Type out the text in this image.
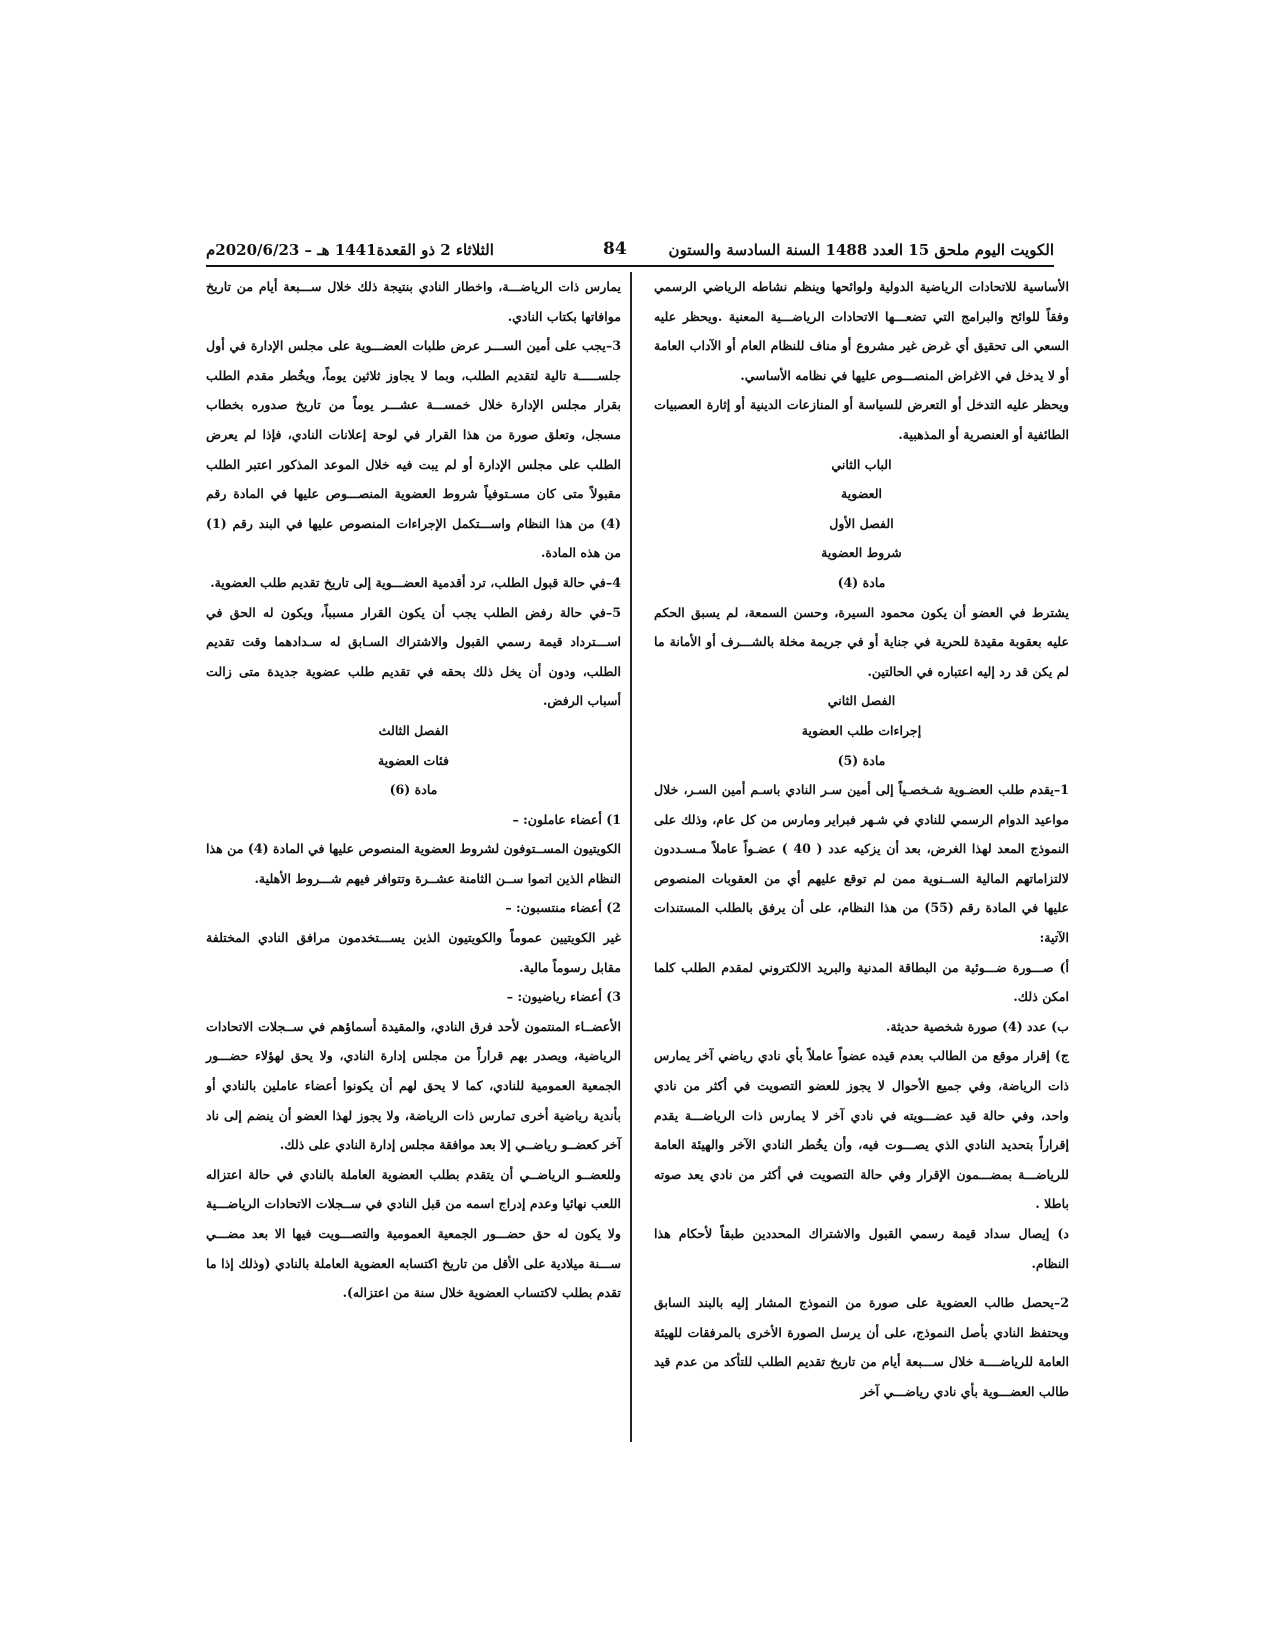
الكويت اليوم ملحق 15 العدد 1488 السنة السادسة والستون
84
الثلاثاء 2 ذو القعدة1441 هـ – 2020/6/23م

الأساسية للاتحادات الرياضية الدولية ولوائحها وينظم نشاطه الرياضي الرسمي وفقاً للوائح والبرامج التي تضعـــها الاتحادات الرياضـــية المعنية .ويحظر عليه السعي الى تحقيق أي غرض غير مشروع أو مناف للنظام العام أو الآداب العامة أو لا يدخل في الاغراض المنصـــوص عليها في نظامه الأساسي.

ويحظر عليه التدخل أو التعرض للسياسة أو المنازعات الدينية أو إثارة العصبيات الطائفية أو العنصرية أو المذهبية.

الباب الثاني

العضوية

الفصل الأول

شروط العضوية

مادة (4)

يشترط في العضو أن يكون محمود السيرة، وحسن السمعة، لم يسبق الحكم عليه بعقوبة مقيدة للحرية في جناية أو في جريمة مخلة بالشـــرف أو الأمانة ما لم يكن قد رد إليه اعتباره في الحالتين.

الفصل الثاني

إجراءات طلب العضوية

مادة (5)

1–يقدم طلب العضـوية شـخصـياً إلى أمين سـر النادي باسـم أمين السـر، خلال مواعيد الدوام الرسمي للنادي في شـهر فبراير ومارس من كل عام، وذلك على النموذج المعد لهذا الغرض، بعد أن يزكيه عدد ( 40 ) عضـواً عاملاً مـسـددون لالتزاماتهم المالية الســنوية ممن لم توقع عليهم أي من العقوبات المنصوص عليها في المادة رقم (55) من هذا النظام، على أن يرفق بالطلب المستندات الآتية:

أ) صـــورة ضـــوئية من البطاقة المدنية والبريد الالكتروني لمقدم الطلب كلما امكن ذلك.

ب) عدد (4) صورة شخصية حديثة.

ج) إقرار موقع من الطالب بعدم قيده عضواً عاملاً بأي نادي رياضي آخر يمارس ذات الرياضة، وفي جميع الأحوال لا يجوز للعضو التصويت في أكثر من نادي واحد، وفي حالة قيد عضـــويته في نادي آخر لا يمارس ذات الرياضـــة يقدم إقراراً بتحديد النادي الذي يصـــوت فيه، وأن يخُطر النادي الآخر والهيئة العامة للرياضـــة بمضـــمون الإقرار وفي حالة التصويت في أكثر من نادي يعد صوته باطلا .

د) إيصال سداد قيمة رسمي القبول والاشتراك المحددين طبقاً لأحكام هذا النظام.

2–يحصل طالب العضوية على صورة من النموذج المشار إليه بالبند السابق ويحتفظ النادي بأصل النموذج، على أن يرسل الصورة الأخرى بالمرفقات للهيئة العامة للرياضــــة خلال ســـبعة أيام من تاريخ تقديم الطلب للتأكد من عدم قيد طالب العضـــوية بأي نادي رياضـــي آخر

يمارس ذات الرياضـــة، واخطار النادي بنتيجة ذلك خلال ســـبعة أيام من تاريخ موافاتها بكتاب النادي.

3–يجب على أمين الســـر عرض طلبات العضـــوية على مجلس الإدارة في أول جلســـــة تالية لتقديم الطلب، وبما لا يجاوز ثلاثين يوماً، ويخُطر مقدم الطلب بقرار مجلس الإدارة خلال خمســـة عشـــر يوماً من تاريخ صدوره بخطاب مسجل، وتعلق صورة من هذا القرار في لوحة إعلانات النادي، فإذا لم يعرض الطلب على مجلس الإدارة أو لم يبت فيه خلال الموعد المذكور اعتبر الطلب مقبولاً متى كان مسـتوفياً شروط العضوية المنصـــوص عليها في المادة رقم (4) من هذا النظام واســـتكمل الإجراءات المنصوص عليها في البند رقم (1) من هذه المادة.

4–في حالة قبول الطلب، ترد أقدمية العضـــوية إلى تاريخ تقديم طلب العضوية.

5–في حالة رفض الطلب يجب أن يكون القرار مسبباً، ويكون له الحق في اســـترداد قيمة رسمي القبول والاشتراك السـابق له سـدادهما وقت تقديم الطلب، ودون أن يخل ذلك بحقه في تقديم طلب عضوية جديدة متى زالت أسباب الرفض.

الفصل الثالث

فئات العضوية

مادة (6)

1) أعضاء عاملون: –

الكويتيون المســتوفون لشروط العضوية المنصوص عليها في المادة (4) من هذا النظام الذين اتموا ســن الثامنة عشــرة وتتوافر فيهم شـــروط الأهلية.

2) أعضاء منتسبون: –

غير الكويتيين عموماً والكويتيون الذين يســـتخدمون مرافق النادي المختلفة مقابل رسوماً مالية.

3) أعضاء رياضيون: –

الأعضــاء المنتمون لأحد فرق النادي، والمقيدة أسماؤهم في ســجلات الاتحادات الرياضية، ويصدر بهم قراراً من مجلس إدارة النادي، ولا يحق لهؤلاء حضـــور الجمعية العمومية للنادي، كما لا يحق لهم أن يكونوا أعضاء عاملين بالنادي أو بأندية رياضية أخرى تمارس ذات الرياضة، ولا يجوز لهذا العضو أن ينضم إلى ناد آخر كعضــو رياضــي إلا بعد موافقة مجلس إدارة النادي على ذلك.

وللعضــو الرياضــي أن يتقدم بطلب العضوية العاملة بالنادي في حالة اعتزاله اللعب نهائيا وعدم إدراج اسمه من قبل النادي في ســجلات الاتحادات الرياضـــية ولا يكون له حق حضـــور الجمعية العمومية والتصـــويت فيها الا بعد مضـــي ســـنة ميلادية على الأقل من تاريخ اكتسابه العضوية العاملة بالنادي (وذلك إذا ما تقدم بطلب لاكتساب العضوية خلال سنة من اعتزاله).
